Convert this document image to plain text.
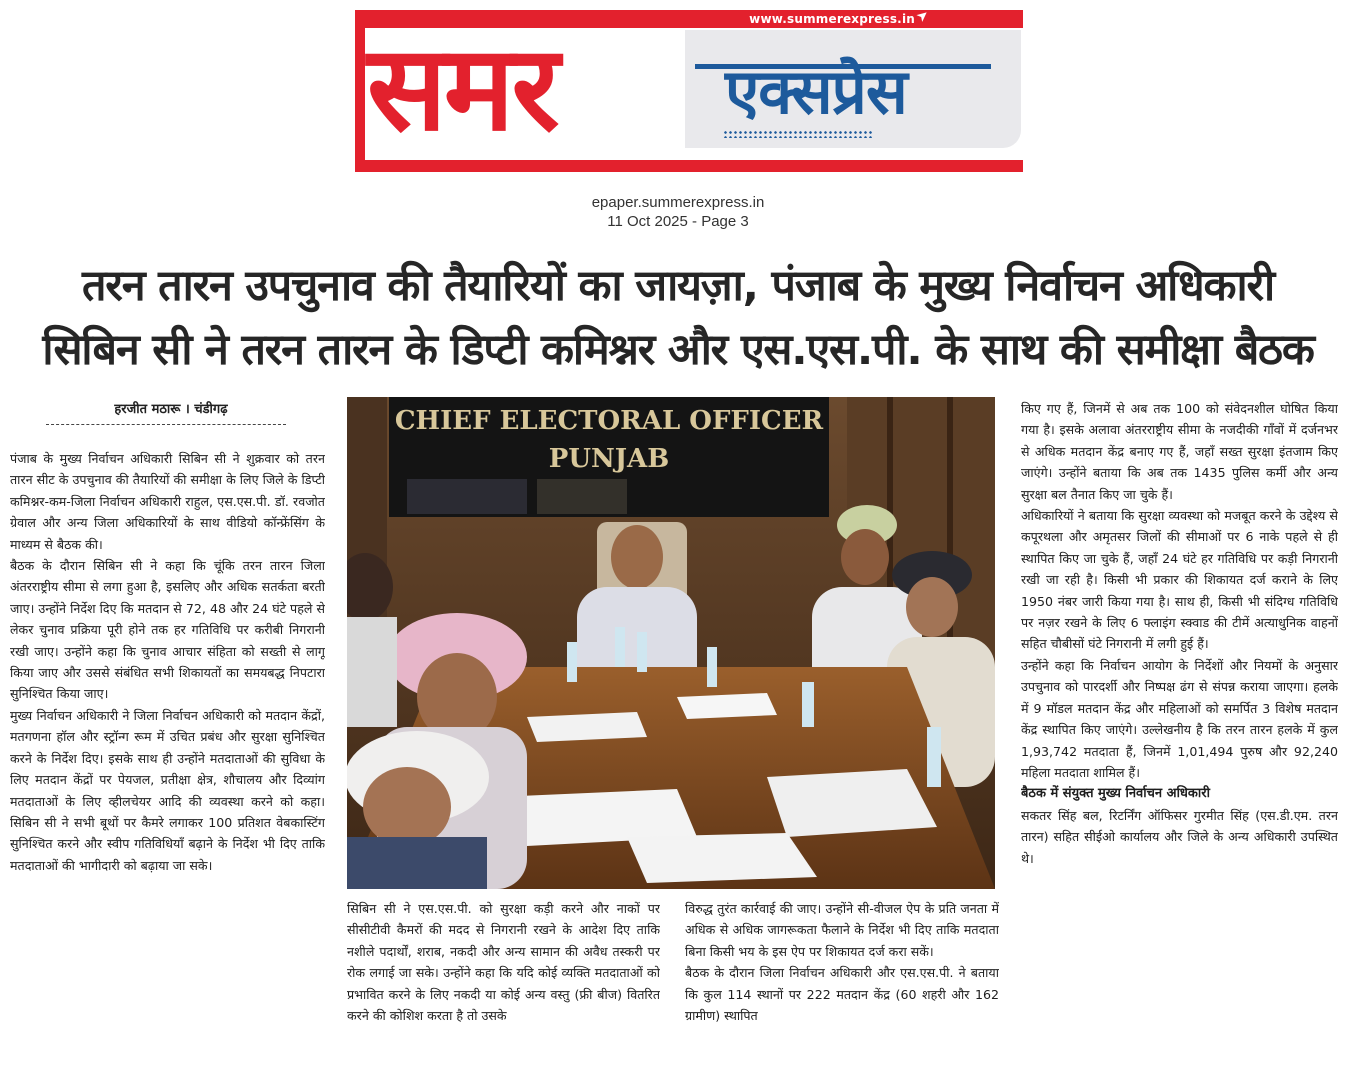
www.summerexpress.in
➤
समर	एक्सप्रेस
epaper.summerexpress.in
11 Oct 2025 - Page 3
तरन तारन उपचुनाव की तैयारियों का जायज़ा, पंजाब के मुख्य निर्वाचन अधिकारी
सिबिन सी ने तरन तारन के डिप्टी कमिश्नर और एस.एस.पी. के साथ की समीक्षा बैठक
हरजीत मठारू । चंडीगढ़

पंजाब के मुख्य निर्वाचन अधिकारी सिबिन सी ने शुक्रवार को तरन तारन सीट के उपचुनाव की तैयारियों की समीक्षा के लिए जिले के डिप्टी कमिश्नर-कम-जिला निर्वाचन अधिकारी राहुल, एस.एस.पी. डॉ. रवजोत ग्रेवाल और अन्य जिला अधिकारियों के साथ वीडियो कॉन्फ्रेंसिंग के माध्यम से बैठक की।

बैठक के दौरान सिबिन सी ने कहा कि चूंकि तरन तारन जिला अंतरराष्ट्रीय सीमा से लगा हुआ है, इसलिए और अधिक सतर्कता बरती जाए। उन्होंने निर्देश दिए कि मतदान से 72, 48 और 24 घंटे पहले से लेकर चुनाव प्रक्रिया पूरी होने तक हर गतिविधि पर करीबी निगरानी रखी जाए। उन्होंने कहा कि चुनाव आचार संहिता को सख्ती से लागू किया जाए और उससे संबंधित सभी शिकायतों का समयबद्ध निपटारा सुनिश्चित किया जाए।

मुख्य निर्वाचन अधिकारी ने जिला निर्वाचन अधिकारी को मतदान केंद्रों, मतगणना हॉल और स्ट्रॉन्ग रूम में उचित प्रबंध और सुरक्षा सुनिश्चित करने के निर्देश दिए। इसके साथ ही उन्होंने मतदाताओं की सुविधा के लिए मतदान केंद्रों पर पेयजल, प्रतीक्षा क्षेत्र, शौचालय और दिव्यांग मतदाताओं के लिए व्हीलचेयर आदि की व्यवस्था करने को कहा। सिबिन सी ने सभी बूथों पर कैमरे लगाकर 100 प्रतिशत वेबकास्टिंग सुनिश्चित करने और स्वीप गतिविधियाँ बढ़ाने के निर्देश भी दिए ताकि मतदाताओं की भागीदारी को बढ़ाया जा सके।

CHIEF ELECTORAL OFFICER
PUNJAB

सिबिन सी ने एस.एस.पी. को सुरक्षा कड़ी करने और नाकों पर सीसीटीवी कैमरों की मदद से निगरानी रखने के आदेश दिए ताकि नशीले पदार्थों, शराब, नकदी और अन्य सामान की अवैध तस्करी पर रोक लगाई जा सके। उन्होंने कहा कि यदि कोई व्यक्ति मतदाताओं को प्रभावित करने के लिए नकदी या कोई अन्य वस्तु (फ्री बीज) वितरित करने की कोशिश करता है तो उसके

विरुद्ध तुरंत कार्रवाई की जाए। उन्होंने सी-वीजल ऐप के प्रति जनता में अधिक से अधिक जागरूकता फैलाने के निर्देश भी दिए ताकि मतदाता बिना किसी भय के इस ऐप पर शिकायत दर्ज करा सकें।

बैठक के दौरान जिला निर्वाचन अधिकारी और एस.एस.पी. ने बताया कि कुल 114 स्थानों पर 222 मतदान केंद्र (60 शहरी और 162 ग्रामीण) स्थापित

किए गए हैं, जिनमें से अब तक 100 को संवेदनशील घोषित किया गया है। इसके अलावा अंतरराष्ट्रीय सीमा के नजदीकी गाँवों में दर्जनभर से अधिक मतदान केंद्र बनाए गए हैं, जहाँ सख्त सुरक्षा इंतजाम किए जाएंगे। उन्होंने बताया कि अब तक 1435 पुलिस कर्मी और अन्य सुरक्षा बल तैनात किए जा चुके हैं।

अधिकारियों ने बताया कि सुरक्षा व्यवस्था को मजबूत करने के उद्देश्य से कपूरथला और अमृतसर जिलों की सीमाओं पर 6 नाके पहले से ही स्थापित किए जा चुके हैं, जहाँ 24 घंटे हर गतिविधि पर कड़ी निगरानी रखी जा रही है। किसी भी प्रकार की शिकायत दर्ज कराने के लिए 1950 नंबर जारी किया गया है। साथ ही, किसी भी संदिग्ध गतिविधि पर नज़र रखने के लिए 6 फ्लाइंग स्क्वाड की टीमें अत्याधुनिक वाहनों सहित चौबीसों घंटे निगरानी में लगी हुई हैं।

उन्होंने कहा कि निर्वाचन आयोग के निर्देशों और नियमों के अनुसार उपचुनाव को पारदर्शी और निष्पक्ष ढंग से संपन्न कराया जाएगा। हलके में 9 मॉडल मतदान केंद्र और महिलाओं को समर्पित 3 विशेष मतदान केंद्र स्थापित किए जाएंगे। उल्लेखनीय है कि तरन तारन हलके में कुल 1,93,742 मतदाता हैं, जिनमें 1,01,494 पुरुष और 92,240 महिला मतदाता शामिल हैं।

बैठक में संयुक्त मुख्य निर्वाचन अधिकारी

सकतर सिंह बल, रिटर्निंग ऑफिसर गुरमीत सिंह (एस.डी.एम. तरन तारन) सहित सीईओ कार्यालय और जिले के अन्य अधिकारी उपस्थित थे।
